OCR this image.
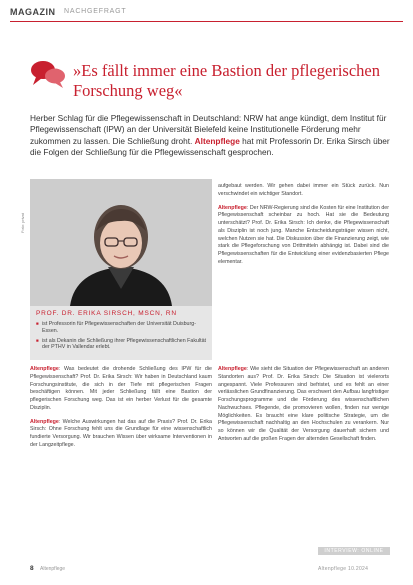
MAGAZIN NACHGEFRAGT
»Es fällt immer eine Bastion der pflegerischen Forschung weg«
Herber Schlag für die Pflegewissenschaft in Deutschland: NRW hat ange kündigt, dem Institut für Pflegewissenschaft (IPW) an der Universität Bielefeld keine Institutionelle Förderung mehr zukommen zu lassen. Die Schließung droht. Altenpflege hat mit Professorin Dr. Erika Sirsch über die Folgen der Schließung für die Pflegewissenschaft gesprochen.
Foto: privat
PROF. DR. ERIKA SIRSCH, MSCN, RN
■ ist Professorin für Pflegewissenschaften der Universität Duisburg-Essen.
■ ist als Dekanin die Schließung ihrer Pflegewissenschaftlichen Fakultät der PTHV in Vallendar erlebt.

aufgebaut werden. Wir gehen dabei immer ein Stück zurück. Nun verschwindet ein wichtiger Standort.

Altenpflege: Der NRW-Regierung sind die Kosten für eine Institution der Pflegewissenschaft scheinbar zu hoch. Hat sie die Bedeutung unterschätzt? Prof. Dr. Erika Sirsch: Ich denke, die Pflegewissenschaft als Disziplin ist noch jung. Manche Entscheidungsträger wissen nicht, welchen Nutzen sie hat. Die Diskussion über die Finanzierung zeigt, wie stark die Pflegeforschung von Drittmitteln abhängig ist. Dabei sind die Pflegewissenschaften für die Entwicklung einer evidenzbasierten Pflege elementar.

Altenpflege: Was bedeutet die drohende Schließung des IPW für die Pflegewissenschaft? Prof. Dr. Erika Sirsch: Wir haben in Deutschland kaum Forschungsinstitute, die sich in der Tiefe mit pflegerischen Fragen beschäftigen können. Mit jeder Schließung fällt eine Bastion der pflegerischen Forschung weg. Das ist ein herber Verlust für die gesamte Disziplin.

Altenpflege: Welche Auswirkungen hat das auf die Praxis? Prof. Dr. Erika Sirsch: Ohne Forschung fehlt uns die Grundlage für eine wissenschaftlich fundierte Versorgung. Wir brauchen Wissen über wirksame Interventionen in der Langzeitpflege.

Altenpflege: Wie sieht die Situation der Pflegewissenschaft an anderen Standorten aus? Prof. Dr. Erika Sirsch: Die Situation ist vielerorts angespannt. Viele Professuren sind befristet, und es fehlt an einer verlässlichen Grundfinanzierung. Das erschwert den Aufbau langfristiger Forschungsprogramme und die Förderung des wissenschaftlichen Nachwuchses. Pflegende, die promovieren wollen, finden nur wenige Möglichkeiten. Es braucht eine klare politische Strategie, um die Pflegewissenschaft nachhaltig an den Hochschulen zu verankern. Nur so können wir die Qualität der Versorgung dauerhaft sichern und Antworten auf die großen Fragen der alternden Gesellschaft finden.

INTERVIEW: ONLINE
8 Altenpflege	Altenpflege 10.2024
